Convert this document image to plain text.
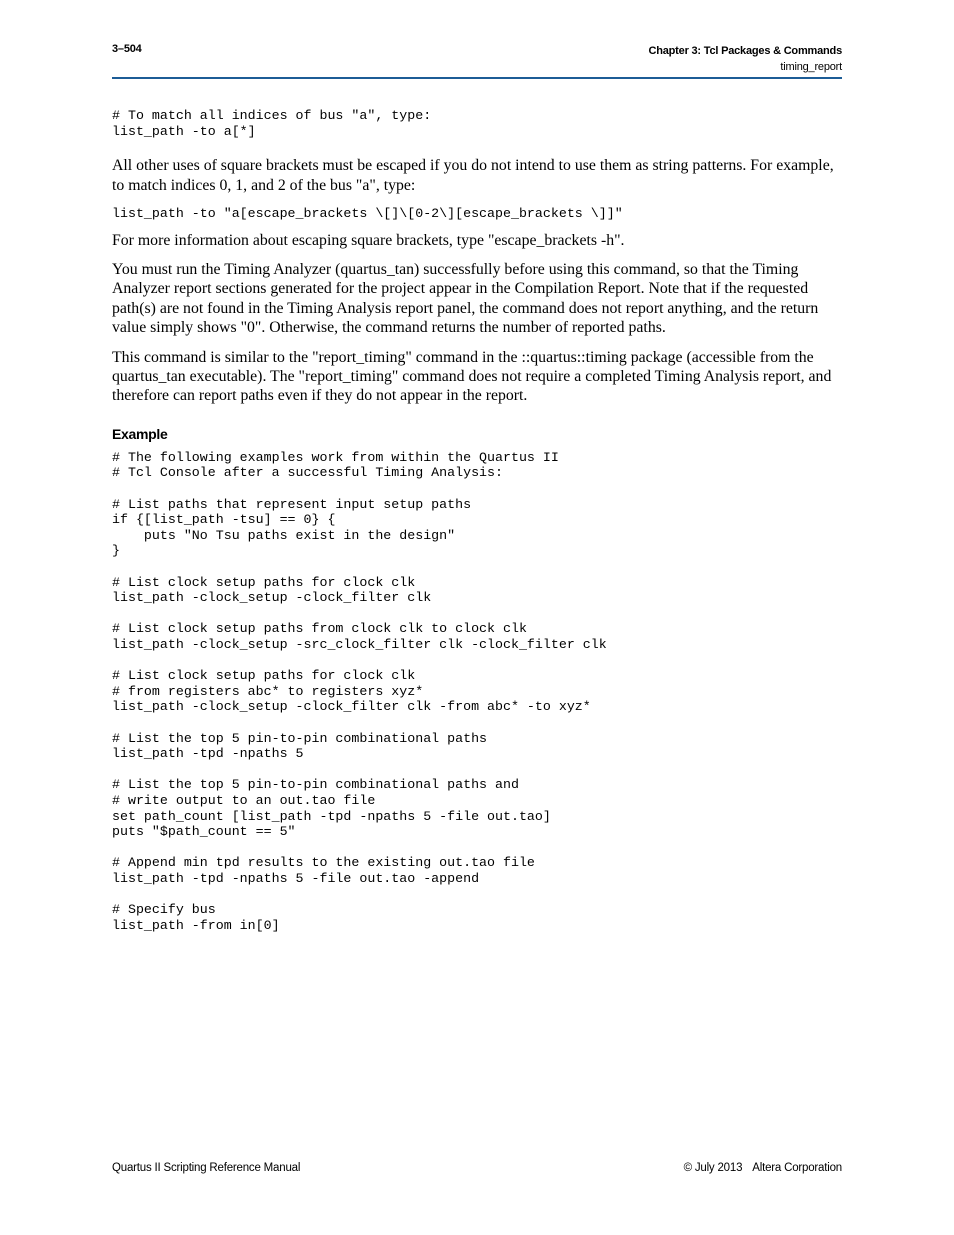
3–504	Chapter 3: Tcl Packages & Commands
timing_report
# To match all indices of bus "a", type:
list_path -to a[*]

All other uses of square brackets must be escaped if you do not intend to use them as string patterns. For example, to match indices 0, 1, and 2 of the bus "a", type:

list_path -to "a[escape_brackets \[]\[0-2\][escape_brackets \]]"

For more information about escaping square brackets, type "escape_brackets -h".

You must run the Timing Analyzer (quartus_tan) successfully before using this command, so that the Timing Analyzer report sections generated for the project appear in the Compilation Report. Note that if the requested path(s) are not found in the Timing Analysis report panel, the command does not report anything, and the return value simply shows "0". Otherwise, the command returns the number of reported paths.

This command is similar to the "report_timing" command in the ::quartus::timing package (accessible from the quartus_tan executable). The "report_timing" command does not require a completed Timing Analysis report, and therefore can report paths even if they do not appear in the report.

Example
# The following examples work from within the Quartus II
# Tcl Console after a successful Timing Analysis:

# List paths that represent input setup paths
if {[list_path -tsu] == 0} {
puts "No Tsu paths exist in the design"
}

# List clock setup paths for clock clk
list_path -clock_setup -clock_filter clk

# List clock setup paths from clock clk to clock clk
list_path -clock_setup -src_clock_filter clk -clock_filter clk

# List clock setup paths for clock clk
# from registers abc* to registers xyz*
list_path -clock_setup -clock_filter clk -from abc* -to xyz*

# List the top 5 pin-to-pin combinational paths
list_path -tpd -npaths 5

# List the top 5 pin-to-pin combinational paths and
# write output to an out.tao file
set path_count [list_path -tpd -npaths 5 -file out.tao]
puts "$path_count == 5"

# Append min tpd results to the existing out.tao file
list_path -tpd -npaths 5 -file out.tao -append

# Specify bus
list_path -from in[0]
Quartus II Scripting Reference Manual	© July 2013 Altera Corporation
